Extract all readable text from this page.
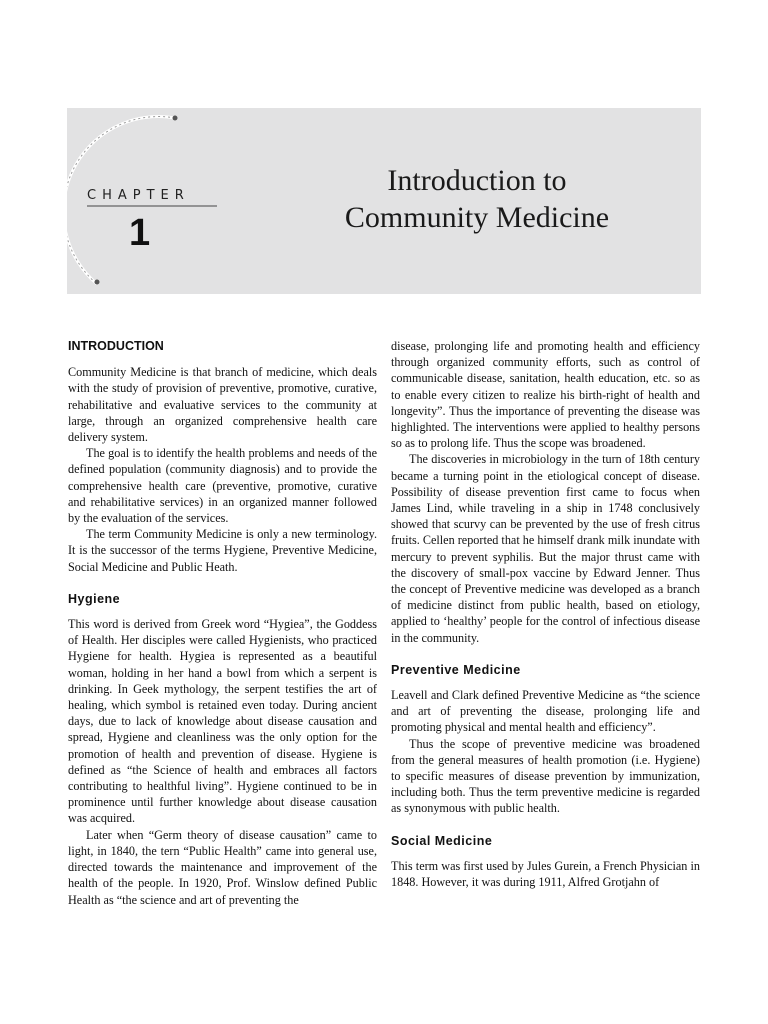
CHAPTER
1
Introduction to
Community Medicine
INTRODUCTION

Community Medicine is that branch of medicine, which deals with the study of provision of preventive, promotive, curative, rehabilitative and evaluative services to the community at large, through an organized comprehensive health care delivery system.

The goal is to identify the health problems and needs of the defined population (community diagnosis) and to provide the comprehensive health care (preventive, promotive, curative and rehabilitative services) in an organized manner followed by the evaluation of the services.

The term Community Medicine is only a new terminology. It is the successor of the terms Hygiene, Preventive Medicine, Social Medicine and Public Heath.

Hygiene

This word is derived from Greek word “Hygiea”, the Goddess of Health. Her disciples were called Hygienists, who practiced Hygiene for health. Hygiea is represented as a beautiful woman, holding in her hand a bowl from which a serpent is drinking. In Geek mythology, the serpent testifies the art of healing, which symbol is retained even today. During ancient days, due to lack of knowledge about disease causation and spread, Hygiene and cleanliness was the only option for the promotion of health and prevention of disease. Hygiene is defined as “the Science of health and embraces all factors contributing to healthful living”. Hygiene continued to be in prominence until further knowledge about disease causation was acquired.

Later when “Germ theory of disease causation” came to light, in 1840, the tern “Public Health” came into general use, directed towards the maintenance and improvement of the health of the people. In 1920, Prof. Winslow defined Public Health as “the science and art of preventing the

disease, prolonging life and promoting health and efficiency through organized community efforts, such as control of communicable disease, sanitation, health education, etc. so as to enable every citizen to realize his birth-right of health and longevity”. Thus the importance of preventing the disease was highlighted. The interventions were applied to healthy persons so as to prolong life. Thus the scope was broadened.

The discoveries in microbiology in the turn of 18th century became a turning point in the etiological concept of disease. Possibility of disease prevention first came to focus when James Lind, while traveling in a ship in 1748 conclusively showed that scurvy can be prevented by the use of fresh citrus fruits. Cellen reported that he himself drank milk inundate with mercury to prevent syphilis. But the major thrust came with the discovery of small-pox vaccine by Edward Jenner. Thus the concept of Preventive medicine was developed as a branch of medicine distinct from public health, based on etiology, applied to ‘healthy’ people for the control of infectious disease in the community.

Preventive Medicine

Leavell and Clark defined Preventive Medicine as “the science and art of preventing the disease, prolonging life and promoting physical and mental health and efficiency”.

Thus the scope of preventive medicine was broadened from the general measures of health promotion (i.e. Hygiene) to specific measures of disease prevention by immunization, including both. Thus the term preventive medicine is regarded as synonymous with public health.

Social Medicine

This term was first used by Jules Gurein, a French Physician in 1848. However, it was during 1911, Alfred Grotjahn of
